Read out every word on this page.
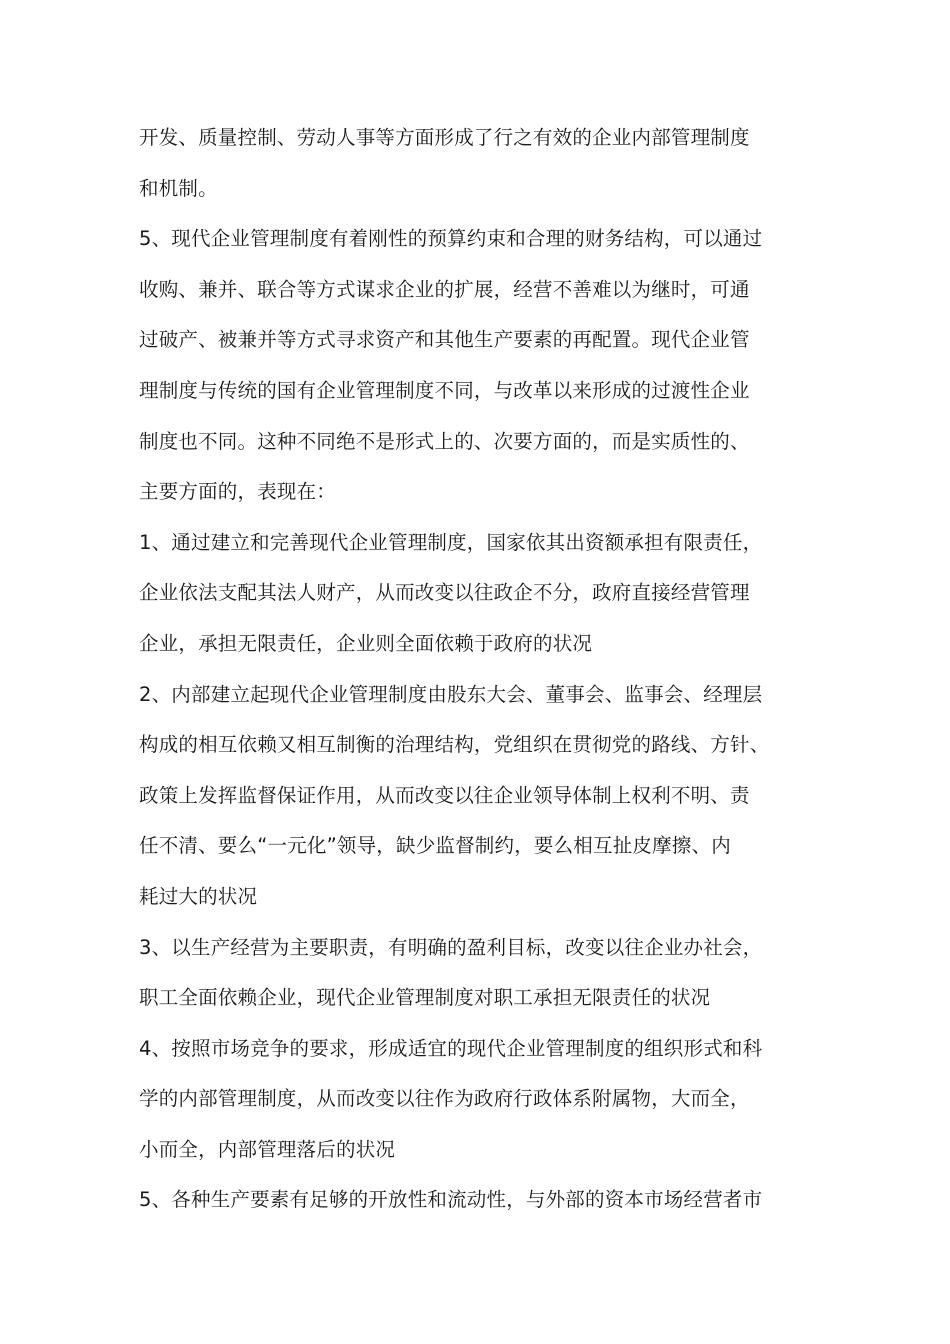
开发、质量控制、劳动人事等方面形成了行之有效的企业内部管理制度
和机制。

5、现代企业管理制度有着刚性的预算约束和合理的财务结构，可以通过
收购、兼并、联合等方式谋求企业的扩展，经营不善难以为继时，可通
过破产、被兼并等方式寻求资产和其他生产要素的再配置。现代企业管
理制度与传统的国有企业管理制度不同，与改革以来形成的过渡性企业
制度也不同。这种不同绝不是形式上的、次要方面的，而是实质性的、
主要方面的，表现在：

1、通过建立和完善现代企业管理制度，国家依其出资额承担有限责任，
企业依法支配其法人财产，从而改变以往政企不分，政府直接经营管理
企业，承担无限责任，企业则全面依赖于政府的状况

2、内部建立起现代企业管理制度由股东大会、董事会、监事会、经理层
构成的相互依赖又相互制衡的治理结构，党组织在贯彻党的路线、方针、
政策上发挥监督保证作用，从而改变以往企业领导体制上权利不明、责
任不清、要么“一元化”领导，缺少监督制约，要么相互扯皮摩擦、内
耗过大的状况

3、以生产经营为主要职责，有明确的盈利目标，改变以往企业办社会，
职工全面依赖企业，现代企业管理制度对职工承担无限责任的状况

4、按照市场竞争的要求，形成适宜的现代企业管理制度的组织形式和科
学的内部管理制度，从而改变以往作为政府行政体系附属物，大而全，
小而全，内部管理落后的状况

5、各种生产要素有足够的开放性和流动性，与外部的资本市场经营者市
